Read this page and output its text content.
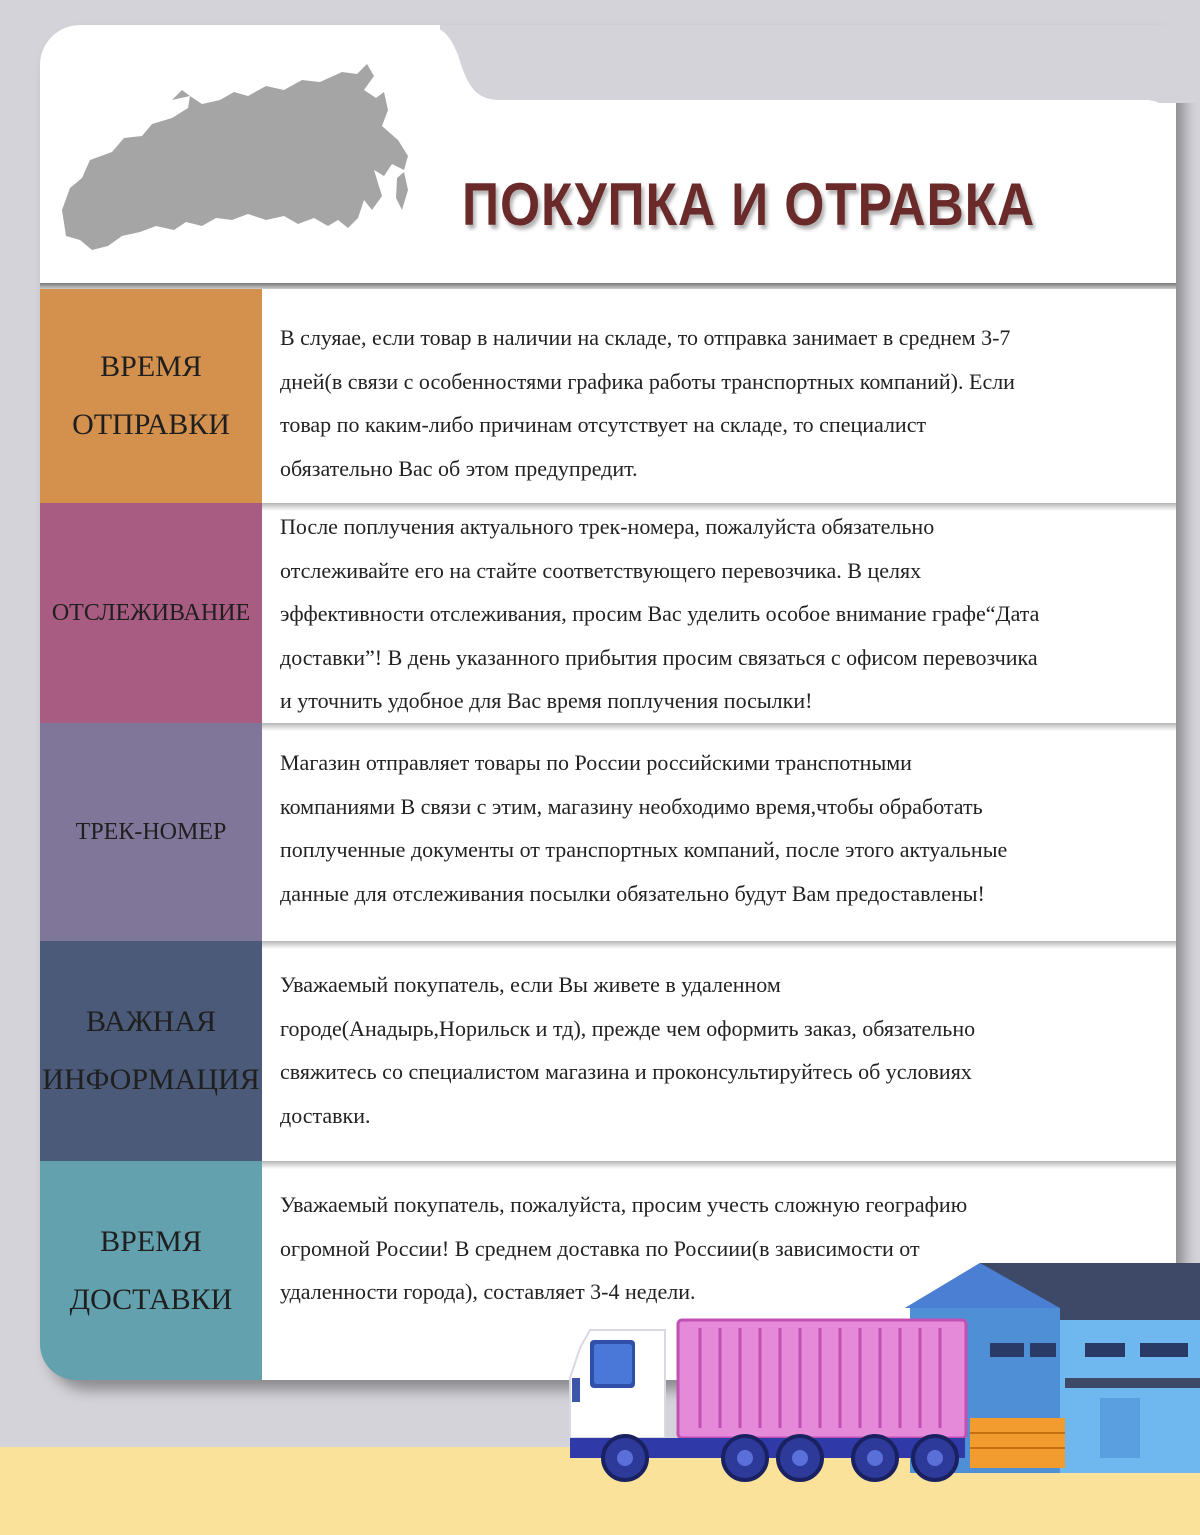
ПОКУПКА И ОТРАВКА
ВРЕМЯ
ОТПРАВКИ
В слуяае, если товар в наличии на складе, то отправка занимает в среднем 3-7
дней(в связи с особенностями графика работы транспортных компаний). Если
товар по каким-либо причинам отсутствует на складе, то специалист
обязательно Вас об этом предупредит.
ОТСЛЕЖИВАНИЕ
После поплучения актуального трек-номера, пожалуйста обязательно
отслеживайте его на стайте соответствующего перевозчика. В целях
эффективности отслеживания, просим Вас уделить особое внимание графе“Дата
доставки”! В день указанного прибытия просим связаться с офисом перевозчика
и уточнить удобное для Вас время поплучения посылки!
ТРЕК-НОМЕР
Магазин отправляет товары по России российскими транспотными
компаниями В связи с этим, магазину необходимо время,чтобы обработать
поплученные документы от транспортных компаний, после этого актуальные
данные для отслеживания посылки обязательно будут Вам предоставлены!
ВАЖНАЯ
ИНФОРМАЦИЯ
Уважаемый покупатель, если Вы живете в удаленном
городе(Анадырь,Норильск и тд), прежде чем оформить заказ, обязательно
свяжитесь со специалистом магазина и проконсультируйтесь об условиях
доставки.
ВРЕМЯ
ДОСТАВКИ
Уважаемый покупатель, пожалуйста, просим учесть сложную географию
огромной России! В среднем доставка по Россиии(в зависимости от
удаленности города), составляет 3-4 недели.
